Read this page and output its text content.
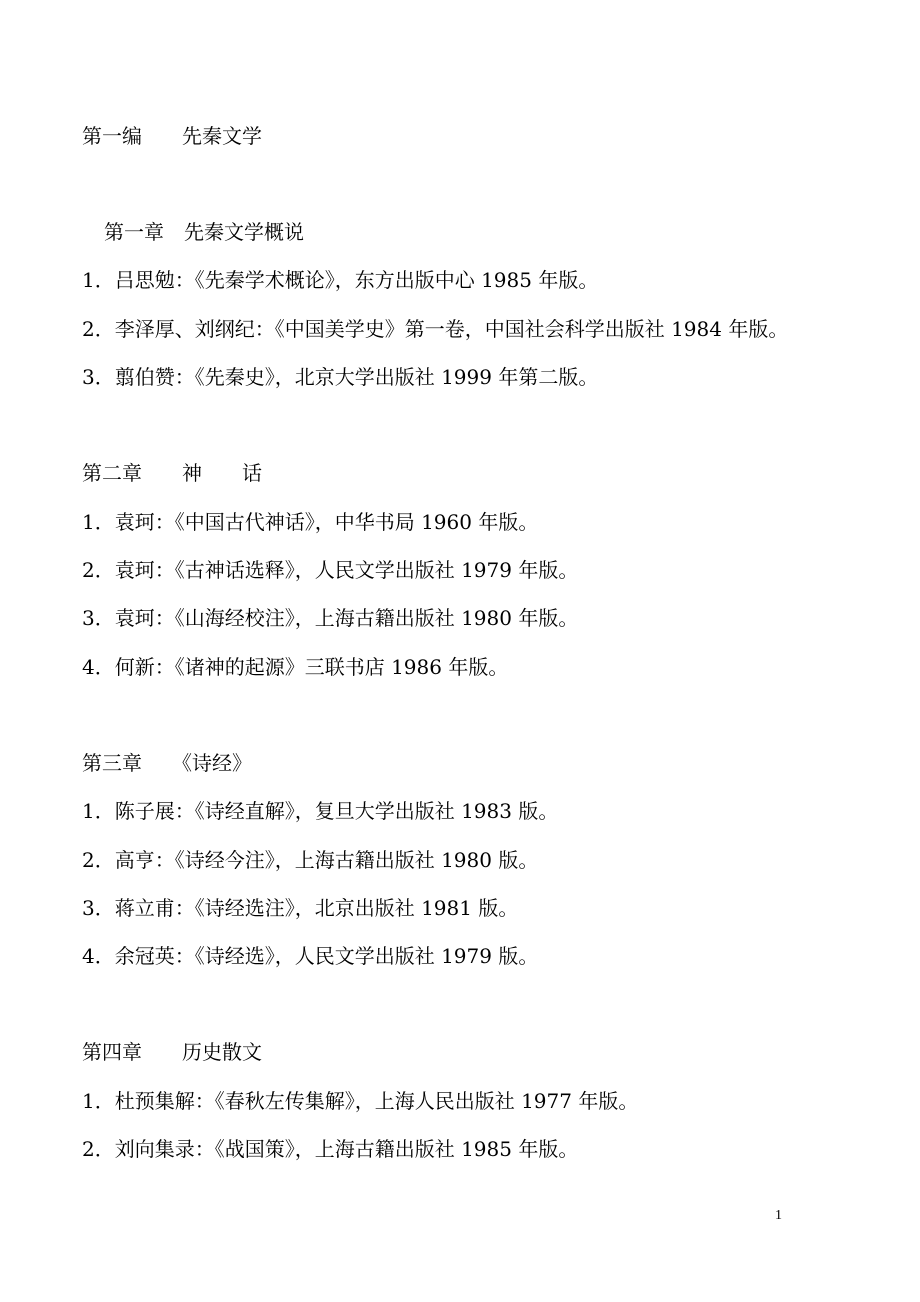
第一编　　先秦文学

第一章　先秦文学概说

1．吕思勉：《先秦学术概论》，东方出版中心 1985 年版。

2．李泽厚、刘纲纪：《中国美学史》第一卷，中国社会科学出版社 1984 年版。

3．翦伯赞：《先秦史》，北京大学出版社 1999 年第二版。

第二章　　神　　话

1．袁珂：《中国古代神话》，中华书局 1960 年版。

2．袁珂：《古神话选释》，人民文学出版社 1979 年版。

3．袁珂：《山海经校注》，上海古籍出版社 1980 年版。

4．何新：《诸神的起源》三联书店 1986 年版。

第三章　　《诗经》

1．陈子展：《诗经直解》，复旦大学出版社 1983 版。

2．高亨：《诗经今注》，上海古籍出版社 1980 版。

3．蒋立甫：《诗经选注》，北京出版社 1981 版。

4．余冠英：《诗经选》，人民文学出版社 1979 版。

第四章　　历史散文

1．杜预集解：《春秋左传集解》，上海人民出版社 1977 年版。

2．刘向集录：《战国策》，上海古籍出版社 1985 年版。

1
